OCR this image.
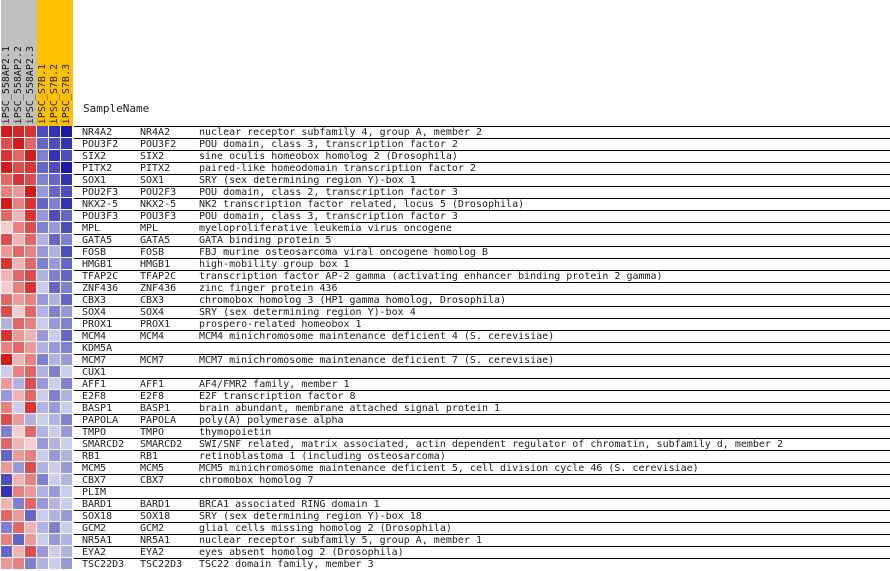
iPSC_558AP2.1 iPSC_558AP2.2 iPSC_558AP2.3 iPSC_S7B.1 iPSC_S7B.2 iPSC_S7B.3 SampleName
NR4A2	NR4A2	nuclear receptor subfamily 4, group A, member 2
POU3F2 POU3F2 POU domain, class 3, transcription factor 2
SIX2	SIX2	sine oculis homeobox homolog 2 (Drosophila)
PITX2	PITX2	paired-like homeodomain transcription factor 2
SOX1	SOX1	SRY (sex determining region Y)-box 1
POU2F3 POU2F3 POU domain, class 2, transcription factor 3
NKX2-5 NKX2-5 NK2 transcription factor related, locus 5 (Drosophila)
POU3F3 POU3F3 POU domain, class 3, transcription factor 3
MPL	MPL	myeloproliferative leukemia virus oncogene
GATA5	GATA5	GATA binding protein 5
FOSB	FOSB	FBJ murine osteosarcoma viral oncogene homolog B
HMGB1	HMGB1	high-mobility group box 1
TFAP2C TFAP2C transcription factor AP-2 gamma (activating enhancer binding protein 2 gamma)
ZNF436 ZNF436 zinc finger protein 436
CBX3	CBX3	chromobox homolog 3 (HP1 gamma homolog, Drosophila)
SOX4	SOX4	SRY (sex determining region Y)-box 4
PROX1	PROX1	prospero-related homeobox 1
MCM4	MCM4	MCM4 minichromosome maintenance deficient 4 (S. cerevisiae)
KDM5A
MCM7	MCM7	MCM7 minichromosome maintenance deficient 7 (S. cerevisiae)
CUX1
AFF1	AFF1	AF4/FMR2 family, member 1
E2F8	E2F8	E2F transcription factor 8
BASP1	BASP1	brain abundant, membrane attached signal protein 1
PAPOLA PAPOLA poly(A) polymerase alpha
TMPO	TMPO	thymopoietin
SMARCD2 SMARCD2 SWI/SNF related, matrix associated, actin dependent regulator of chromatin, subfamily d, member 2
RB1	RB1	retinoblastoma 1 (including osteosarcoma)
MCM5	MCM5	MCM5 minichromosome maintenance deficient 5, cell division cycle 46 (S. cerevisiae)
CBX7	CBX7	chromobox homolog 7
PLIM
BARD1	BARD1	BRCA1 associated RING domain 1
SOX18	SOX18	SRY (sex determining region Y)-box 18
GCM2	GCM2	glial cells missing homolog 2 (Drosophila)
NR5A1	NR5A1	nuclear receptor subfamily 5, group A, member 1
EYA2	EYA2	eyes absent homolog 2 (Drosophila)
TSC22D3 TSC22D3 TSC22 domain family, member 3
